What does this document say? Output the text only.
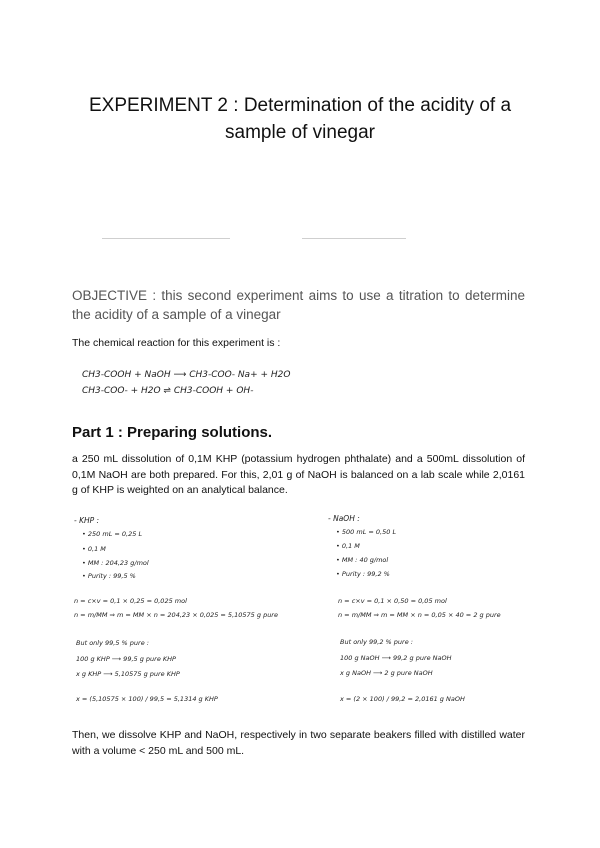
EXPERIMENT 2 : Determination of the acidity of a sample of vinegar
OBJECTIVE : this second experiment aims to use a titration to determine the acidity of a sample of a vinegar
The chemical reaction for this experiment is :
CH3-COOH + NaOH ⟶ CH3-COO- Na+ + H2O
CH3-COO- + H2O ⇌ CH3-COOH + OH-
Part 1 : Preparing solutions.
a 250 mL dissolution of 0,1M KHP (potassium hydrogen phthalate) and a 500mL dissolution of 0,1M NaOH are both prepared. For this, 2,01 g of NaOH is balanced on a lab scale while 2,0161 g of KHP is weighted on an analytical balance.
- KHP :
• 250 mL = 0,25 L
• 0,1 M
• MM : 204,23 g/mol
• Purity : 99,5 %
n = c×v = 0,1 × 0,25 = 0,025 mol
n = m/MM ⇒ m = MM × n = 204,23 × 0,025 = 5,10575 g pure
But only 99,5 % pure :
100 g KHP ⟶ 99,5 g pure KHP
x g KHP ⟶ 5,10575 g pure KHP
x = (5,10575 × 100) / 99,5 = 5,1314 g KHP
- NaOH :
• 500 mL = 0,50 L
• 0,1 M
• MM : 40 g/mol
• Purity : 99,2 %
n = c×v = 0,1 × 0,50 = 0,05 mol
n = m/MM ⇒ m = MM × n = 0,05 × 40 = 2 g pure
But only 99,2 % pure :
100 g NaOH ⟶ 99,2 g pure NaOH
x g NaOH ⟶ 2 g pure NaOH
x = (2 × 100) / 99,2 = 2,0161 g NaOH
Then, we dissolve KHP and NaOH, respectively in two separate beakers filled with distilled water with a volume < 250 mL and 500 mL.
